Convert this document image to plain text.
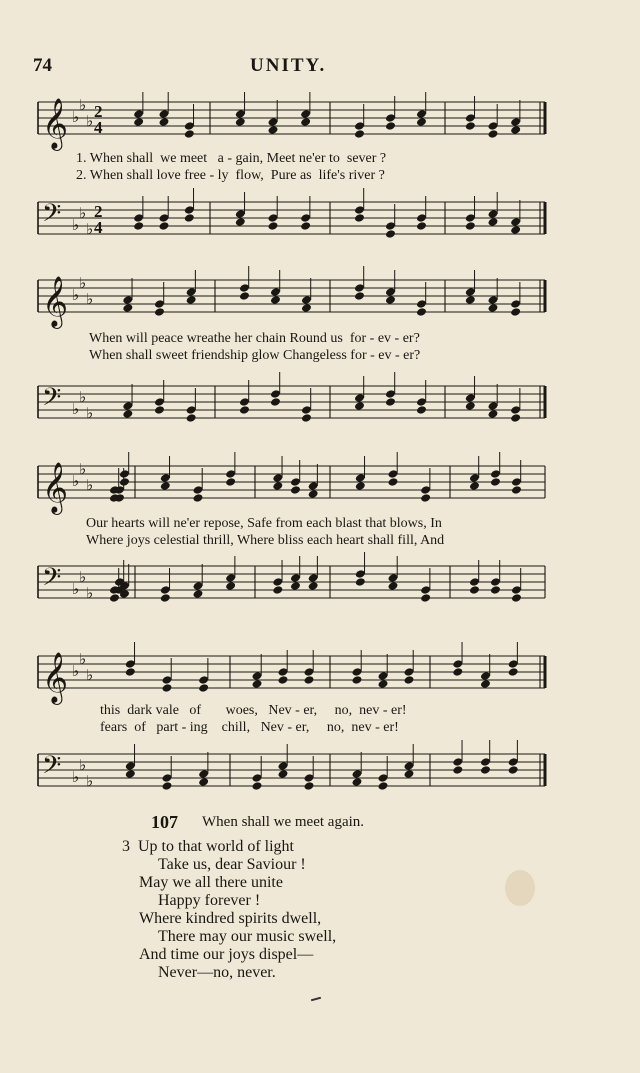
74	UNITY.
𝄞 ♭
♭
♭ 2
4
1. When shall  we meet   a - gain, Meet ne'er to  sever ?
2. When shall love free - ly  flow,  Pure as  life's river ?
𝄢 ♭
♭
♭
2
4
𝄞 ♭
♭
♭
When will peace wreathe her chain Round us  for - ev - er?
When shall sweet friendship glow Changeless for - ev - er?
𝄢 ♭
♭
♭
𝄞 ♭
♭
♭
Our hearts will ne'er repose, Safe from each blast that blows, In
Where joys celestial thrill, Where bliss each heart shall fill, And
𝄢 ♭
♭
♭
𝄞 ♭
♭
♭
this  dark vale   of       woes,   Nev - er,     no,  nev - er!
fears  of   part - ing    chill,   Nev - er,     no,  nev - er!
𝄢 ♭
♭
♭
107 When shall we meet again.
3  Up to that world of light
Take us, dear Saviour !
May we all there unite
Happy forever !
Where kindred spirits dwell,
There may our music swell,
And time our joys dispel—
Never—no, never.
